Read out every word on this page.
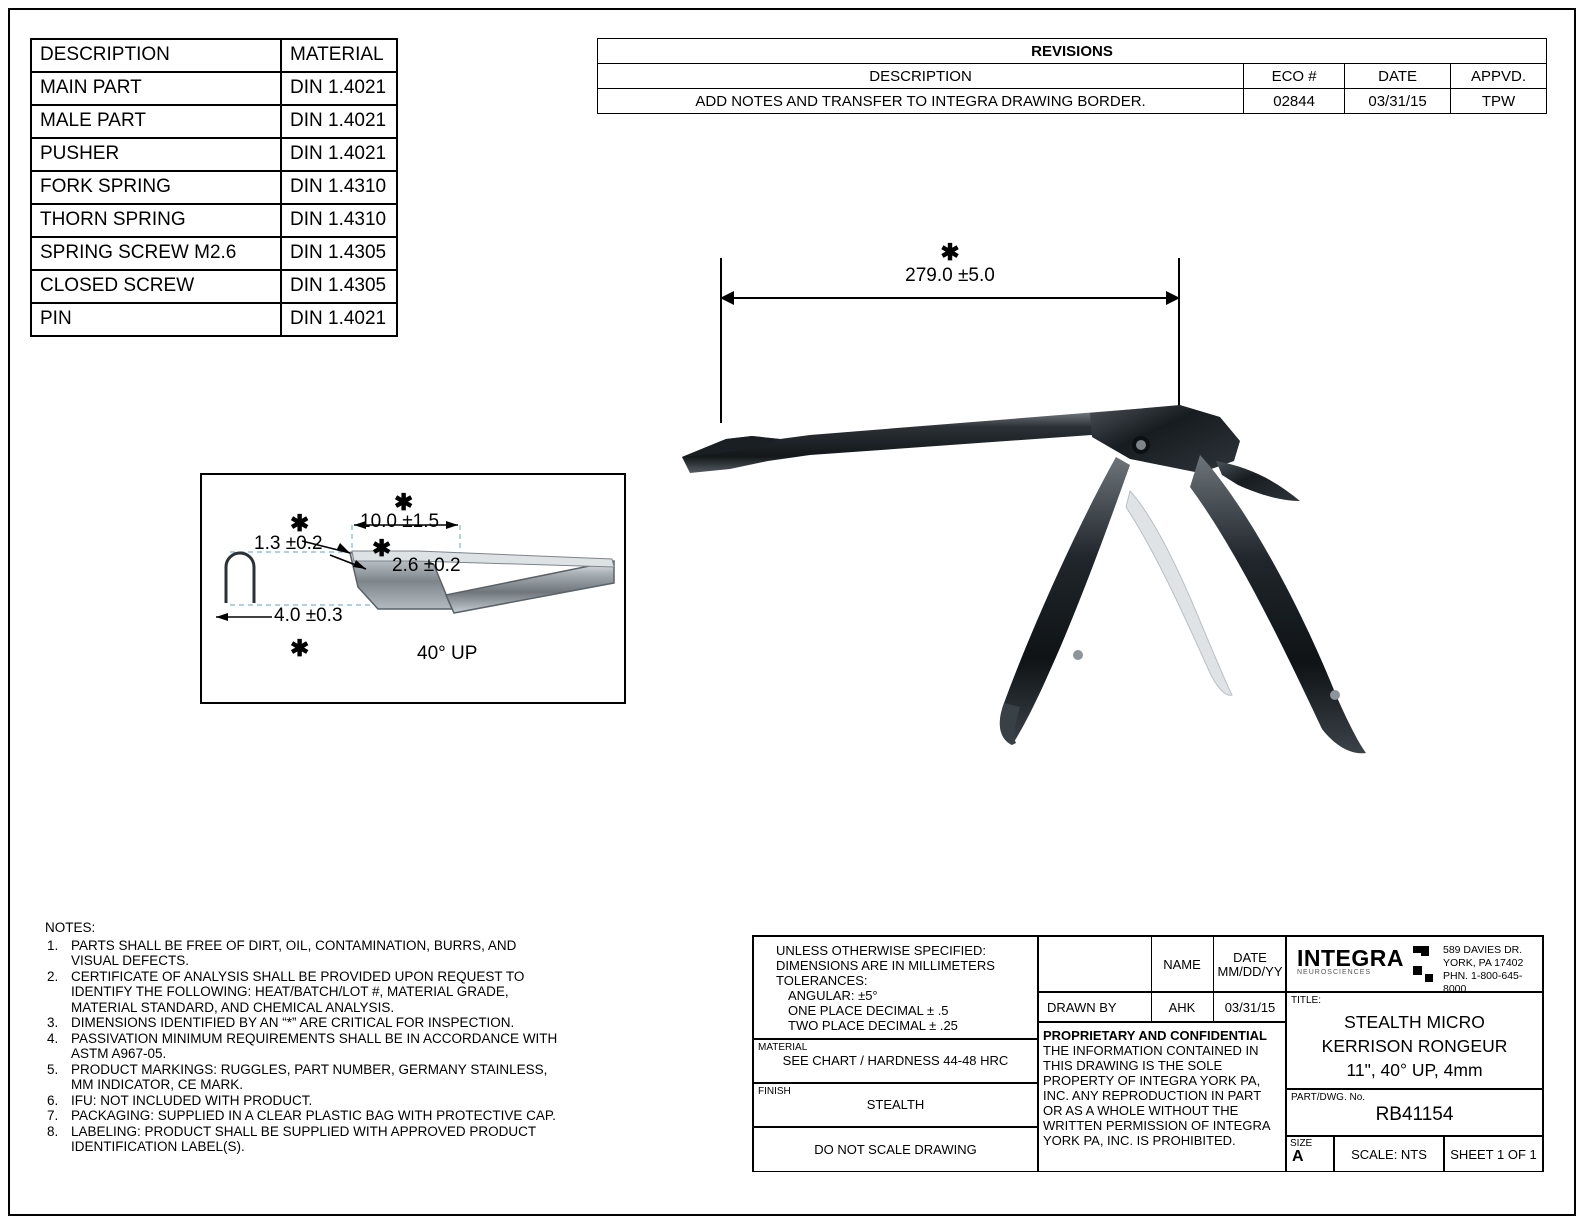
DESCRIPTION	MATERIAL
MAIN PART	DIN 1.4021
MALE PART	DIN 1.4021
PUSHER	DIN 1.4021
FORK SPRING	DIN 1.4310
THORN SPRING	DIN 1.4310
SPRING SCREW M2.6	DIN 1.4305
CLOSED SCREW	DIN 1.4305
PIN	DIN 1.4021
REVISIONS			
DESCRIPTION	ECO #	DATE	APPVD.
ADD NOTES AND TRANSFER TO INTEGRA DRAWING BORDER.	02844	03/31/15	TPW
✱
279.0 ±5.0
✱
1.3 ±0.2
✱
10.0 ±1.5
✱
2.6 ±0.2
4.0 ±0.3
✱	40° UP
NOTES:
1. PARTS SHALL BE FREE OF DIRT, OIL, CONTAMINATION, BURRS, AND VISUAL DEFECTS.
2. CERTIFICATE OF ANALYSIS SHALL BE PROVIDED UPON REQUEST TO IDENTIFY THE FOLLOWING: HEAT/BATCH/LOT #, MATERIAL GRADE, MATERIAL STANDARD, AND CHEMICAL ANALYSIS.
3. DIMENSIONS IDENTIFIED BY AN “*” ARE CRITICAL FOR INSPECTION.
4. PASSIVATION MINIMUM REQUIREMENTS SHALL BE IN ACCORDANCE WITH ASTM A967-05.
5. PRODUCT MARKINGS: RUGGLES, PART NUMBER, GERMANY STAINLESS, MM INDICATOR, CE MARK.
6. IFU: NOT INCLUDED WITH PRODUCT.
7. PACKAGING: SUPPLIED IN A CLEAR PLASTIC BAG WITH PROTECTIVE CAP.
8. LABELING: PRODUCT SHALL BE SUPPLIED WITH APPROVED PRODUCT IDENTIFICATION LABEL(S).
UNLESS OTHERWISE SPECIFIED:
DIMENSIONS ARE IN MILLIMETERS
TOLERANCES:
ANGULAR: ±5°
ONE PLACE DECIMAL ± .5
TWO PLACE DECIMAL ± .25
MATERIAL
SEE CHART / HARDNESS 44-48 HRC
FINISH
STEALTH
DO NOT SCALE DRAWING
NAME	DATE
MM/DD/YY
DRAWN BY	AHK	03/31/15
PROPRIETARY AND CONFIDENTIAL
THE INFORMATION CONTAINED IN THIS DRAWING IS THE SOLE PROPERTY OF INTEGRA YORK PA, INC. ANY REPRODUCTION IN PART OR AS A WHOLE WITHOUT THE WRITTEN PERMISSION OF INTEGRA YORK PA, INC. IS PROHIBITED.
INTEGRA
NEUROSCIENCES
589 DAVIES DR.
YORK, PA 17402
PHN. 1-800-645-8000
TITLE:
STEALTH MICRO
KERRISON RONGEUR
11", 40° UP, 4mm
PART/DWG. No.
RB41154
SIZE
A	SCALE: NTS	SHEET 1 OF 1
